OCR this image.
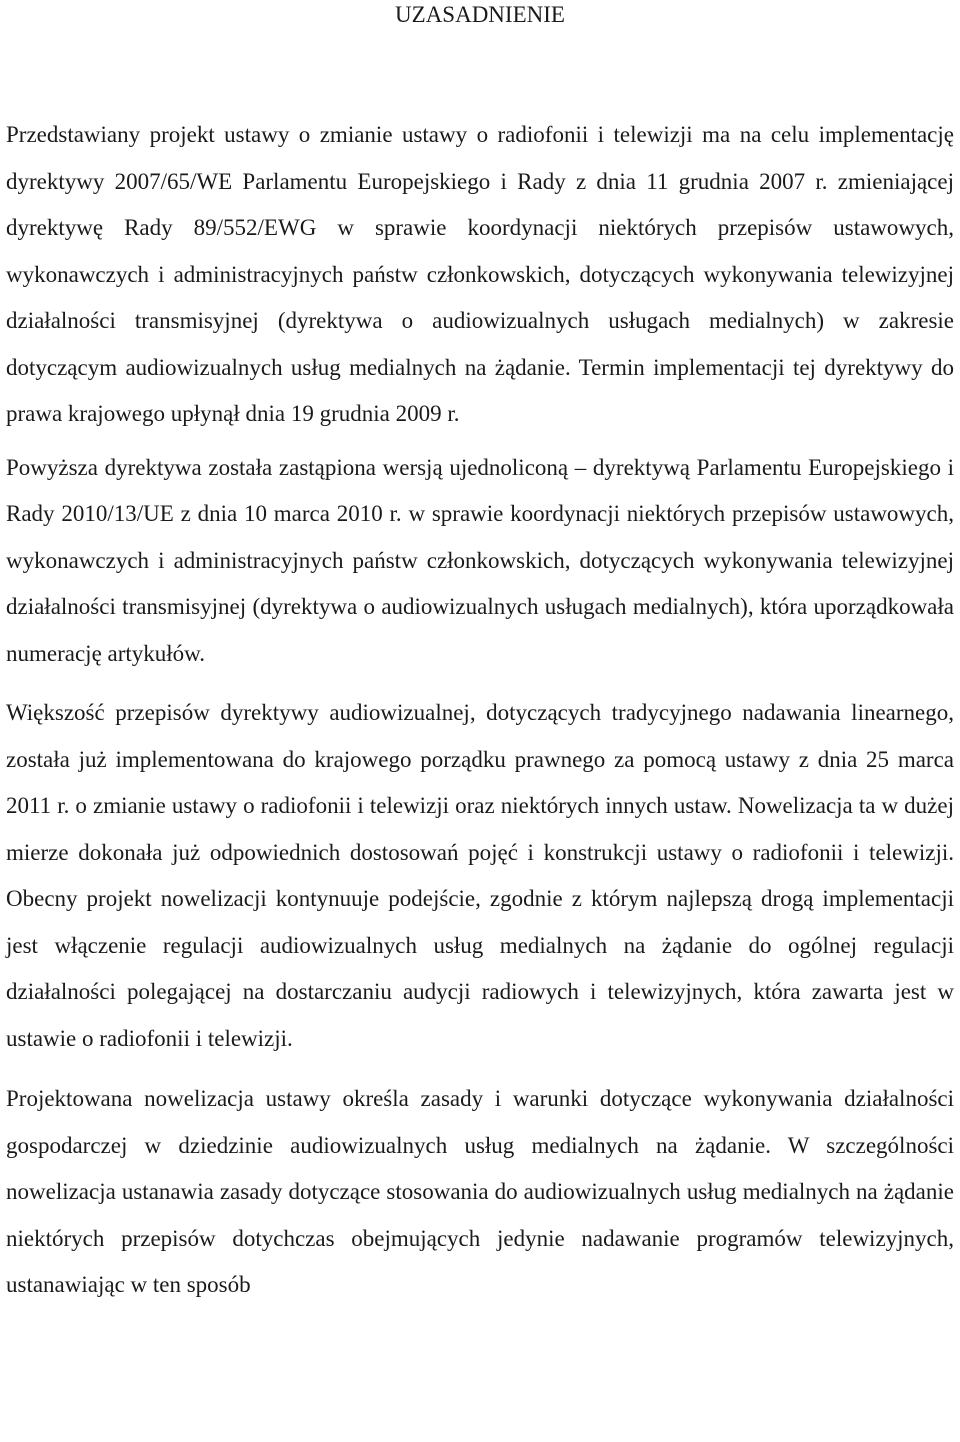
UZASADNIENIE

Przedstawiany projekt ustawy o zmianie ustawy o radiofonii i telewizji ma na celu implementację dyrektywy 2007/65/WE Parlamentu Europejskiego i Rady z dnia 11 grudnia 2007 r. zmieniającej dyrektywę Rady 89/552/EWG w sprawie koordynacji niektórych przepisów ustawowych, wykonawczych i administracyjnych państw członkowskich, dotyczących wykonywania telewizyjnej działalności transmisyjnej (dyrektywa o audiowizualnych usługach medialnych) w zakresie dotyczącym audiowizualnych usług medialnych na żądanie. Termin implementacji tej dyrektywy do prawa krajowego upłynął dnia 19 grudnia 2009 r.

Powyższa dyrektywa została zastąpiona wersją ujednoliconą – dyrektywą Parlamentu Europejskiego i Rady 2010/13/UE z dnia 10 marca 2010 r. w sprawie koordynacji niektórych przepisów ustawowych, wykonawczych i administracyjnych państw członkowskich, dotyczących wykonywania telewizyjnej działalności transmisyjnej (dyrektywa o audiowizualnych usługach medialnych), która uporządkowała numerację artykułów.

Większość przepisów dyrektywy audiowizualnej, dotyczących tradycyjnego nadawania linearnego, została już implementowana do krajowego porządku prawnego za pomocą ustawy z dnia 25 marca 2011 r. o zmianie ustawy o radiofonii i telewizji oraz niektórych innych ustaw. Nowelizacja ta w dużej mierze dokonała już odpowiednich dostosowań pojęć i konstrukcji ustawy o radiofonii i telewizji. Obecny projekt nowelizacji kontynuuje podejście, zgodnie z którym najlepszą drogą implementacji jest włączenie regulacji audiowizualnych usług medialnych na żądanie do ogólnej regulacji działalności polegającej na dostarczaniu audycji radiowych i telewizyjnych, która zawarta jest w ustawie o radiofonii i telewizji.

Projektowana nowelizacja ustawy określa zasady i warunki dotyczące wykonywania działalności gospodarczej w dziedzinie audiowizualnych usług medialnych na żądanie. W szczególności nowelizacja ustanawia zasady dotyczące stosowania do audiowizualnych usług medialnych na żądanie niektórych przepisów dotychczas obejmujących jedynie nadawanie programów telewizyjnych, ustanawiając w ten sposób
